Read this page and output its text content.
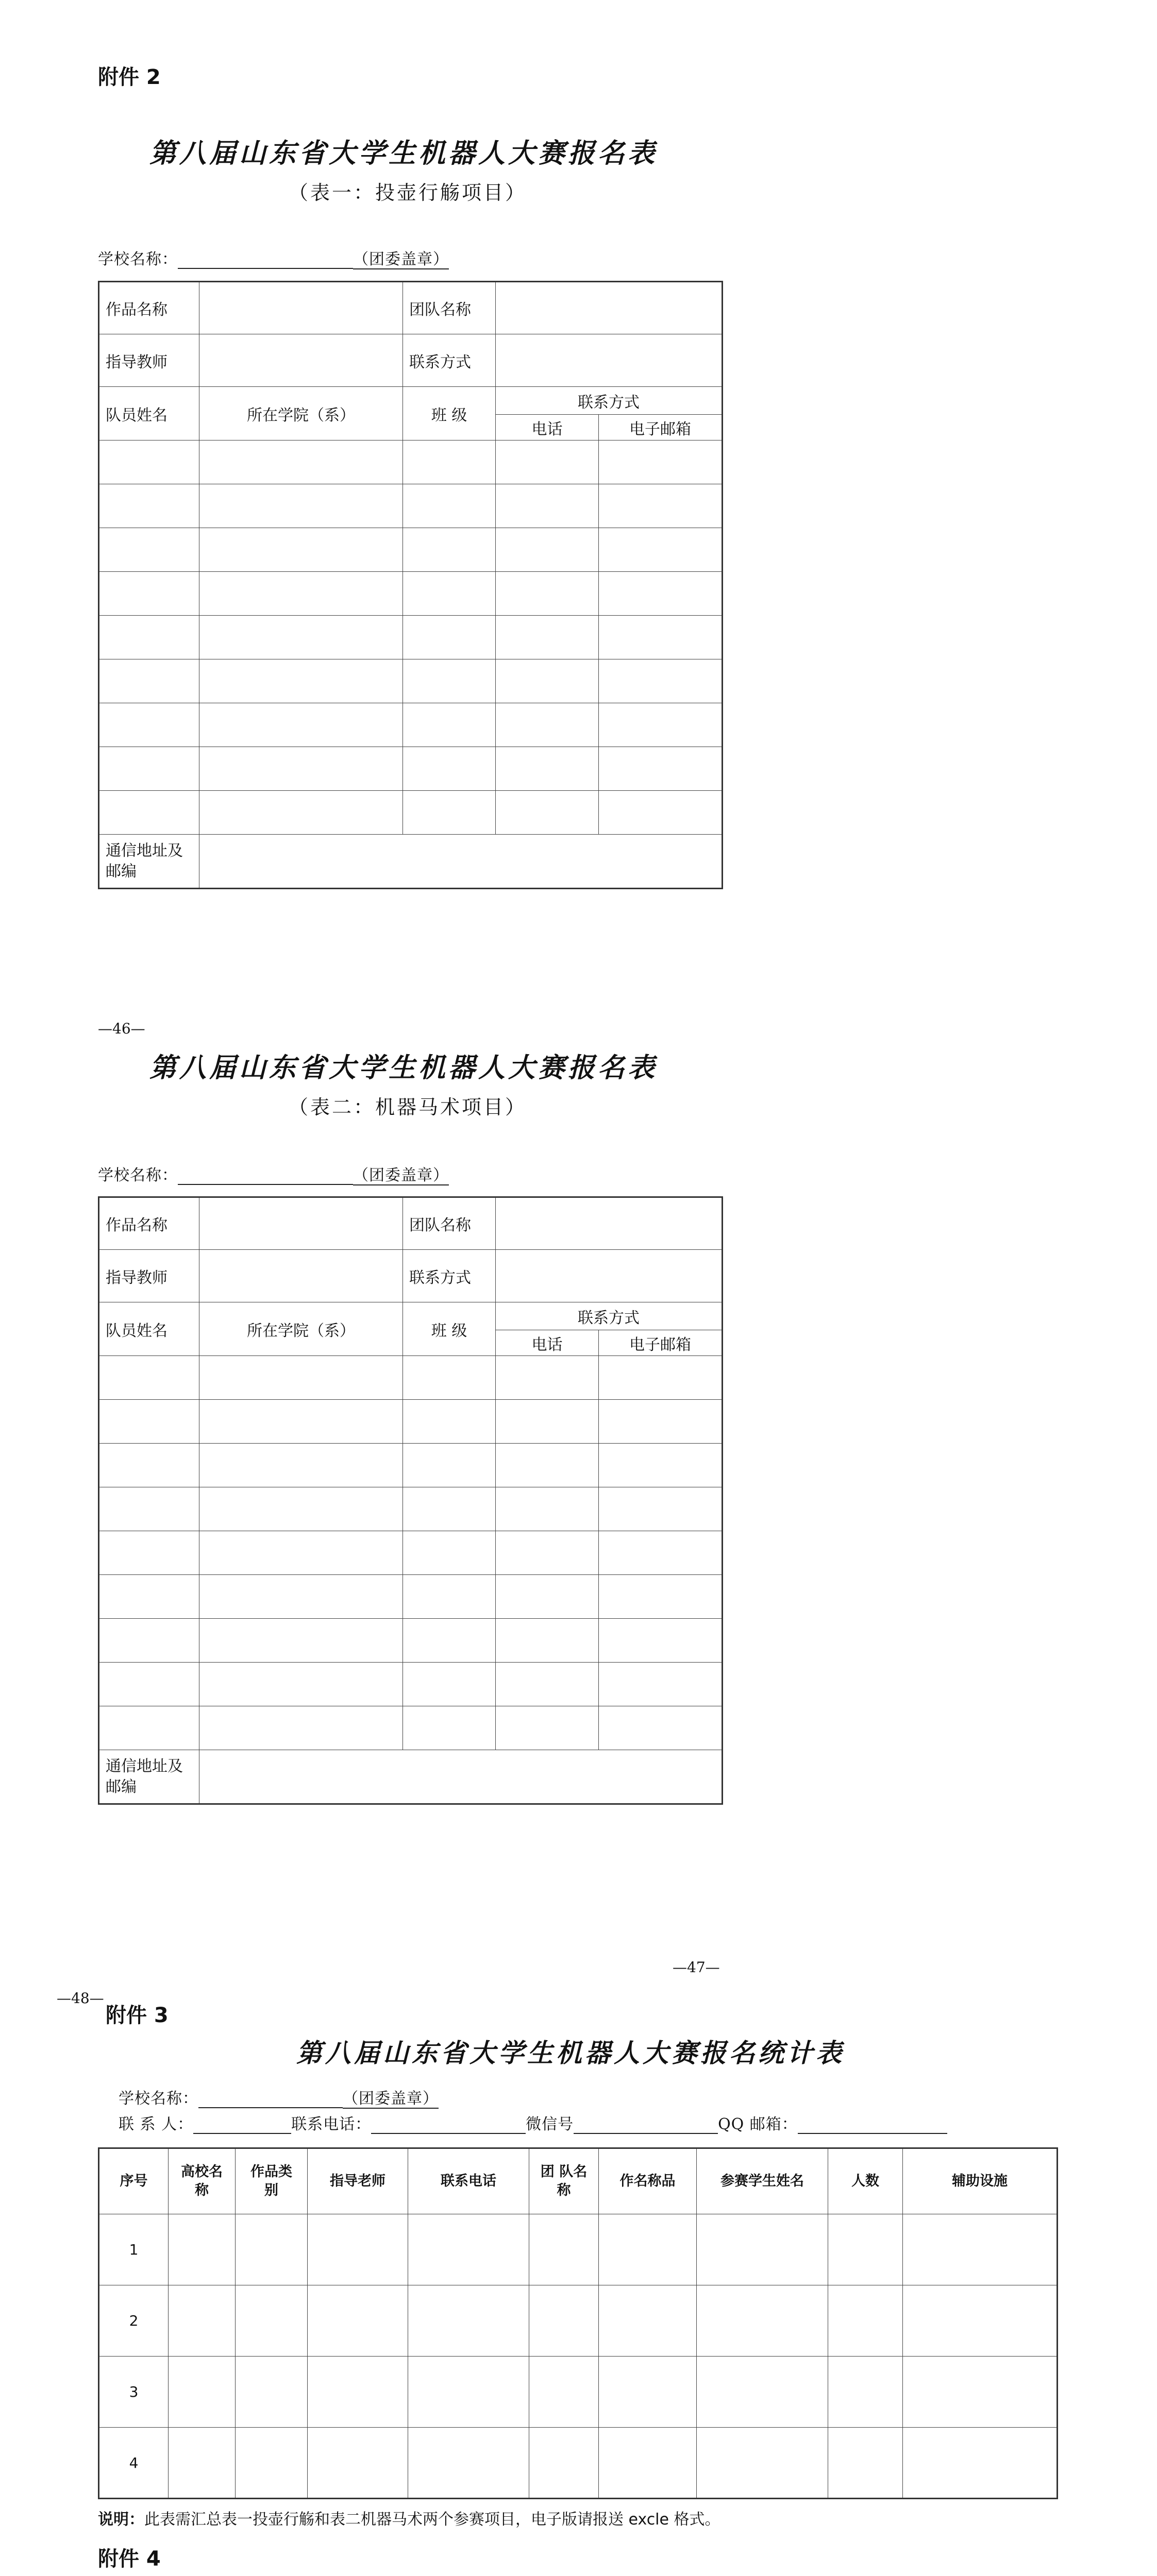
附件 2
第八届山东省大学生机器人大赛报名表
（表一：投壶行觞项目）
学校名称：	（团委盖章）
作品名称		团队名称		
指导教师		联系方式		
队员姓名	所在学院（系）	班 级	联系方式	
			电话	电子邮箱

通信地址及邮编				
—46—
第八届山东省大学生机器人大赛报名表
（表二：机器马术项目）
学校名称：	（团委盖章）
作品名称		团队名称		
指导教师		联系方式		
队员姓名	所在学院（系）	班 级	联系方式	
			电话	电子邮箱

通信地址及邮编				
—47—
—48—
附件 3
第八届山东省大学生机器人大赛报名统计表
学校名称：	（团委盖章）
联 系 人：	联系电话：	微信号	QQ 邮箱：
序号	高校名称	作品类别	指导老师	联系电话	团 队名 称	作名称品	参赛学生姓名	人数	辅助设施
1									
2									
3									
4									
说明：此表需汇总表一投壶行觞和表二机器马术两个参赛项目，电子版请报送 excle 格式。
附件 4
